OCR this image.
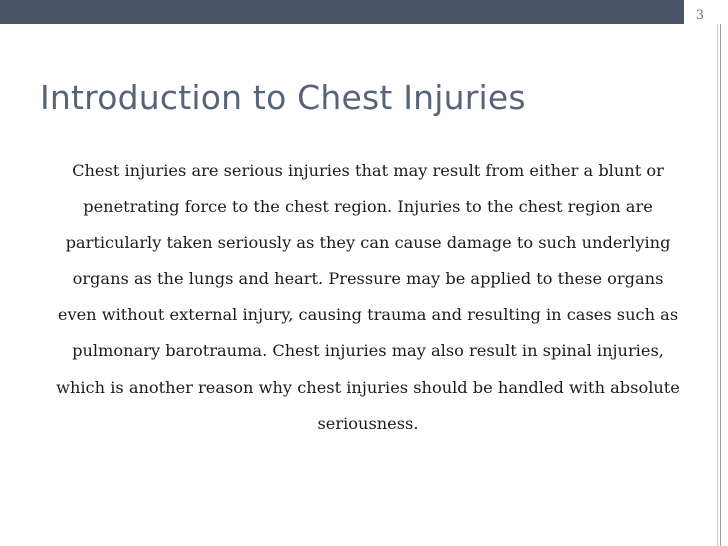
3
Introduction to Chest Injuries

Chest injuries are serious injuries that may result from either a blunt or penetrating force to the chest region. Injuries to the chest region are particularly taken seriously as they can cause damage to such underlying organs as the lungs and heart. Pressure may be applied to these organs even without external injury, causing trauma and resulting in cases such as pulmonary barotrauma. Chest injuries may also result in spinal injuries, which is another reason why chest injuries should be handled with absolute seriousness.
